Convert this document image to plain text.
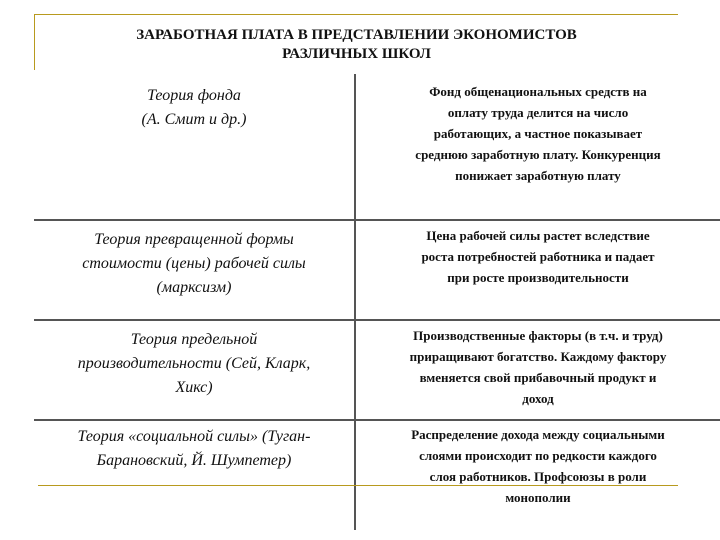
ЗАРАБОТНАЯ ПЛАТА В ПРЕДСТАВЛЕНИИ ЭКОНОМИСТОВ
РАЗЛИЧНЫХ ШКОЛ
Теория фонда
(А. Смит и др.)	Фонд общенациональных средств на
оплату труда делится на число
работающих, а частное показывает
среднюю заработную плату. Конкуренция
понижает заработную плату

Теория превращенной формы
стоимости (цены) рабочей силы
(марксизм)	Цена рабочей силы растет вследствие
роста потребностей работника и падает
при росте производительности

Теория предельной
производительности (Сей, Кларк,
Хикс)	Производственные факторы (в т.ч. и труд)
приращивают богатство. Каждому фактору
вменяется свой прибавочный продукт и
доход

Теория «социальной силы» (Туган-
Барановский, Й. Шумпетер)	Распределение дохода между социальными
слоями происходит по редкости каждого
слоя работников. Профсоюзы в роли
монополии
